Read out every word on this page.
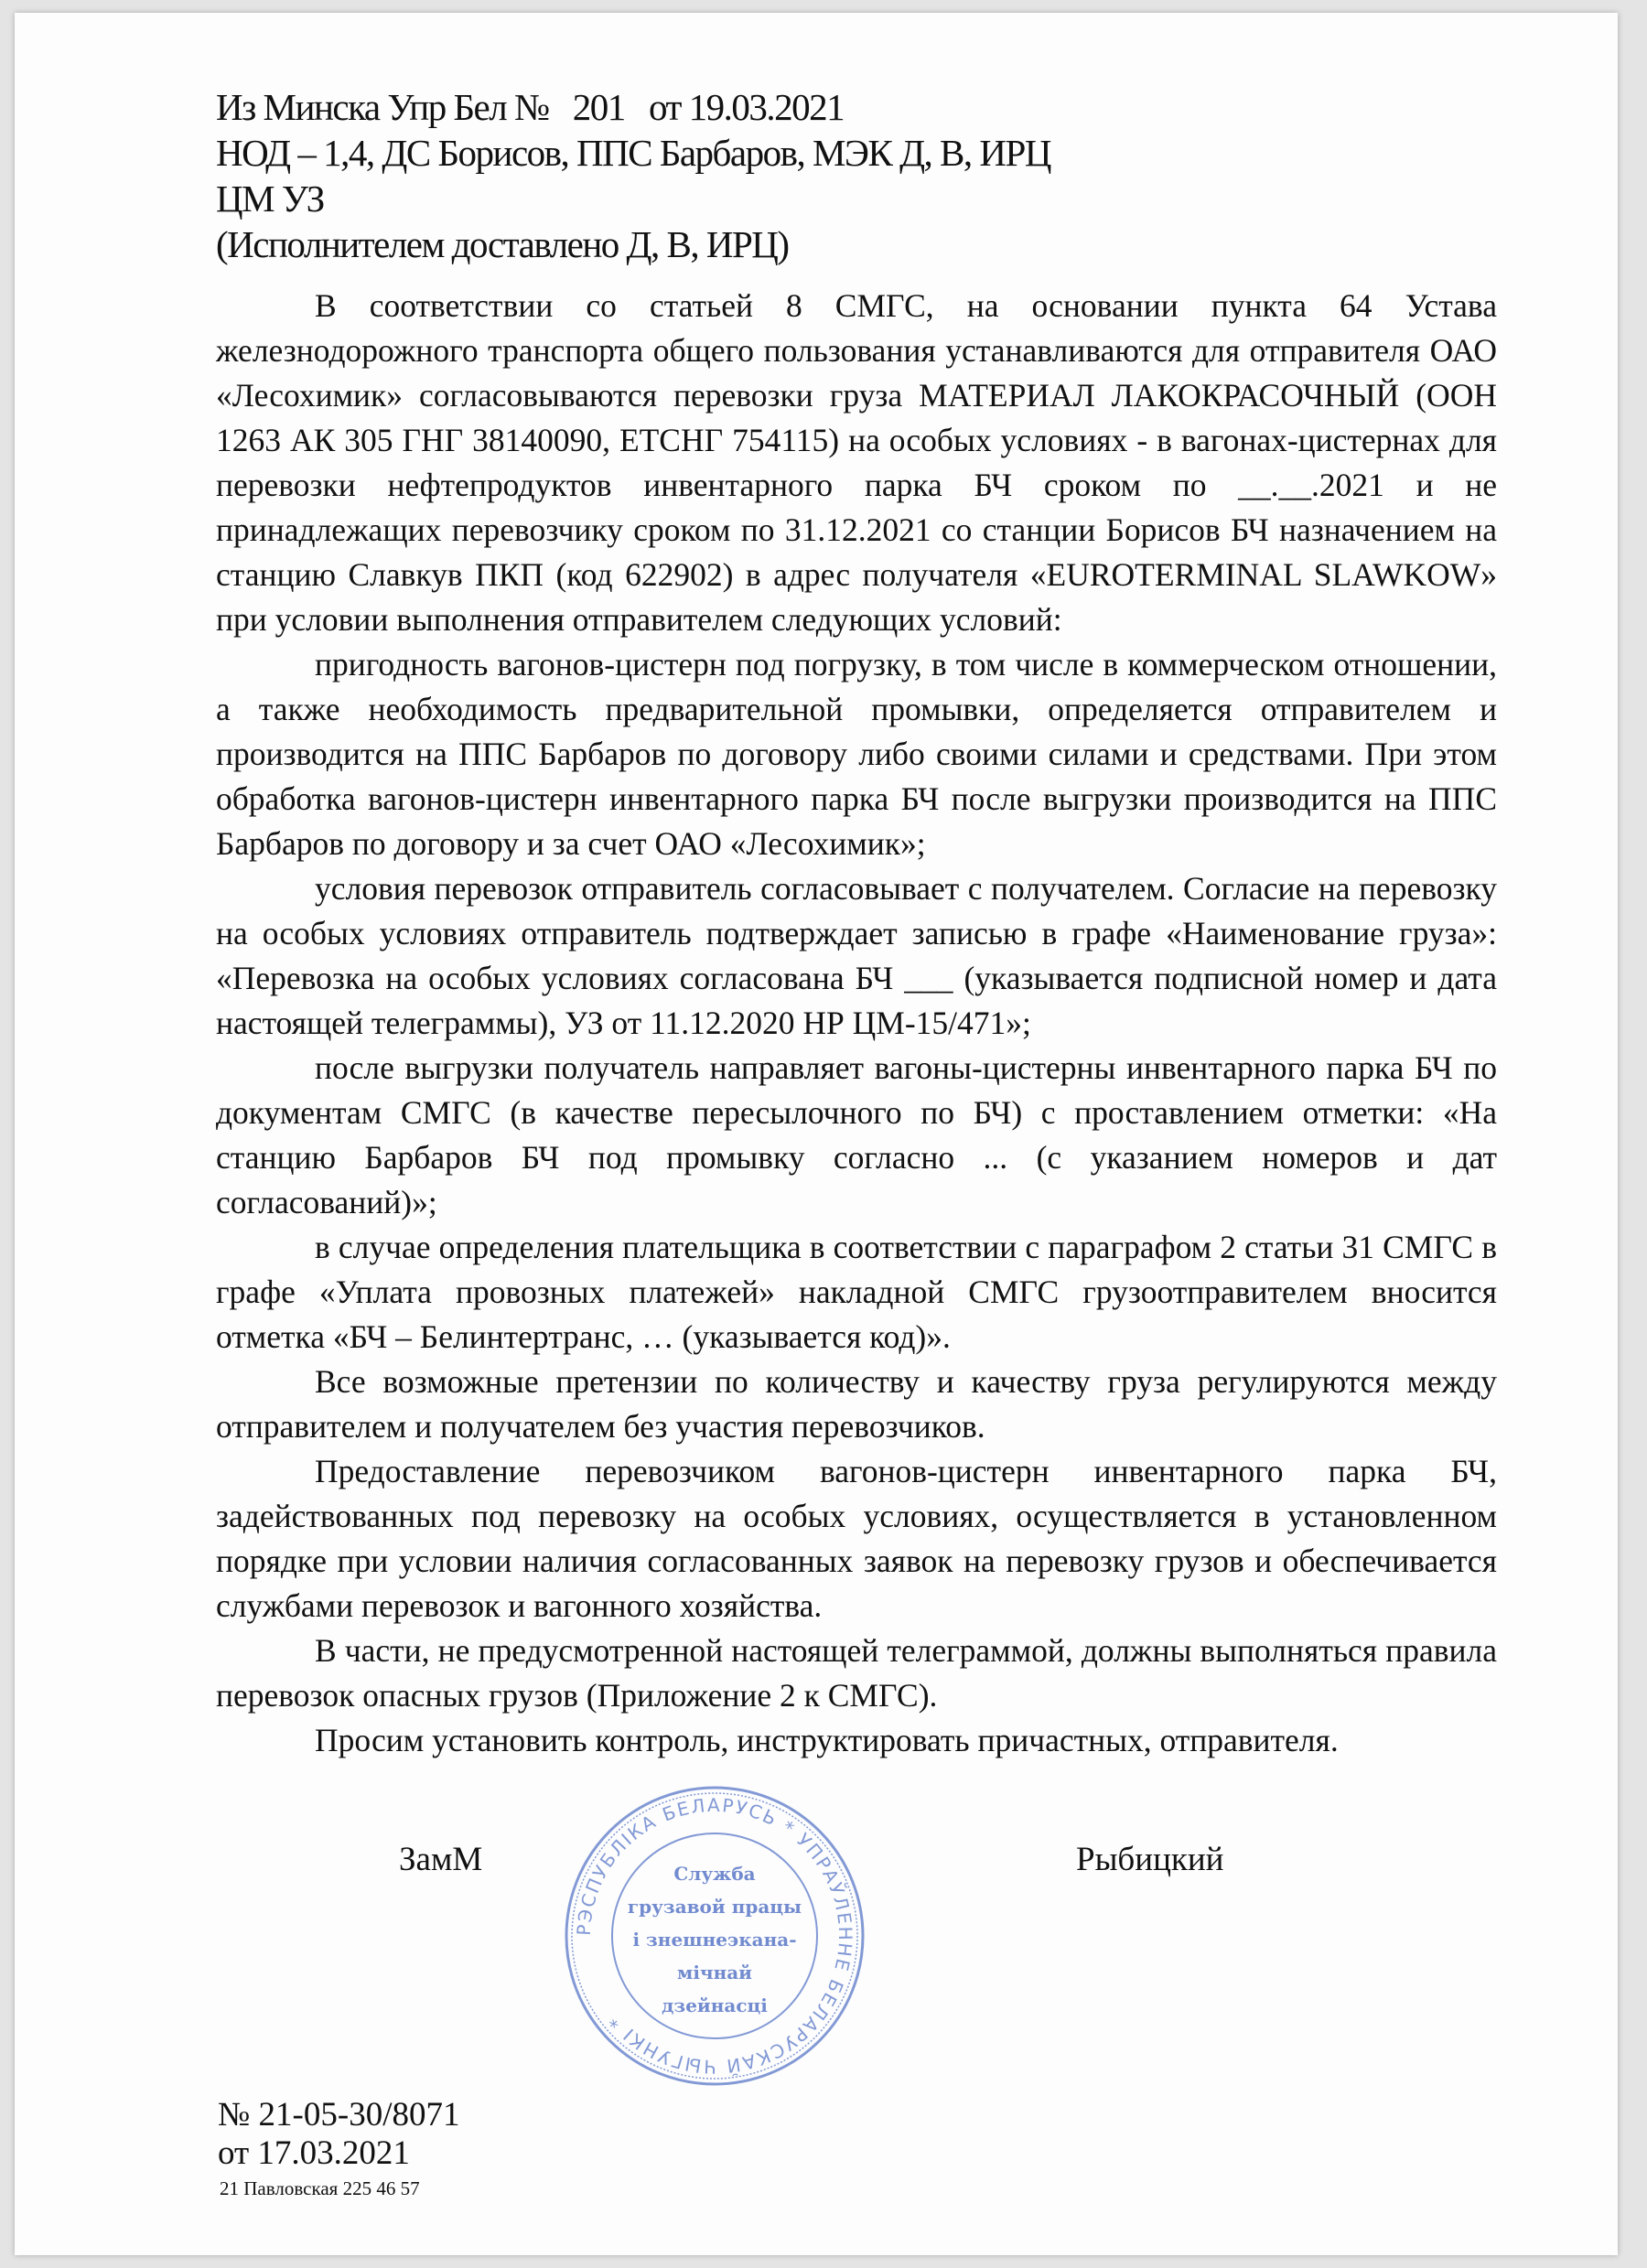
Из Минска Упр Бел №   201   от 19.03.2021
НОД – 1,4, ДС Борисов, ППС Барбаров, МЭК Д, В, ИРЦ
ЦМ УЗ
(Исполнителем доставлено Д, В, ИРЦ)

В соответствии со статьей 8 СМГС, на основании пункта 64 Устава железнодорожного транспорта общего пользования устанавливаются для отправителя ОАО «Лесохимик» согласовываются перевозки груза МАТЕРИАЛ ЛАКОКРАСОЧНЫЙ (ООН 1263 АК 305 ГНГ 38140090, ЕТСНГ 754115) на особых условиях - в вагонах-цистернах для перевозки нефтепродуктов инвентарного парка БЧ сроком по __.__.2021 и не принадлежащих перевозчику сроком по 31.12.2021 со станции Борисов БЧ назначением на станцию Славкув ПКП (код 622902) в адрес получателя «EUROTERMINAL SLAWKOW» при условии выполнения отправителем следующих условий:

пригодность вагонов-цистерн под погрузку, в том числе в коммерческом отношении, а также необходимость предварительной промывки, определяется отправителем и производится на ППС Барбаров по договору либо своими силами и средствами. При этом обработка вагонов-цистерн инвентарного парка БЧ после выгрузки производится на ППС Барбаров по договору и за счет ОАО «Лесохимик»;

условия перевозок отправитель согласовывает с получателем. Согласие на перевозку на особых условиях отправитель подтверждает записью в графе «Наименование груза»: «Перевозка на особых условиях согласована БЧ ___ (указывается подписной номер и дата настоящей телеграммы), УЗ от 11.12.2020 НР ЦМ-15/471»;

после выгрузки получатель направляет вагоны-цистерны инвентарного парка БЧ по документам СМГС (в качестве пересылочного по БЧ) с проставлением отметки: «На станцию Барбаров БЧ под промывку согласно ... (с указанием номеров и дат согласований)»;

в случае определения плательщика в соответствии с параграфом 2 статьи 31 СМГС в графе «Уплата провозных платежей» накладной СМГС грузоотправителем вносится отметка «БЧ – Белинтертранс, … (указывается код)».

Все возможные претензии по количеству и качеству груза регулируются между отправителем и получателем без участия перевозчиков.

Предоставление перевозчиком вагонов-цистерн инвентарного парка БЧ, задействованных под перевозку на особых условиях, осуществляется в установленном порядке при условии наличия согласованных заявок на перевозку грузов и обеспечивается службами перевозок и вагонного хозяйства.

В части, не предусмотренной настоящей телеграммой, должны выполняться правила перевозок опасных грузов (Приложение 2 к СМГС).

Просим установить контроль, инструктировать причастных, отправителя.

ЗамМ
РЭСПУБЛІКА БЕЛАРУСЬ * УПРАЎЛЕННЕ БЕЛАРУСКАЙ ЧЫГУНКІ *
Служба
грузавой працы
і знешнеэкана-
мічнай
дзейнасці
Рыбицкий
№ 21-05-30/8071
от 17.03.2021
21 Павловская 225 46 57
